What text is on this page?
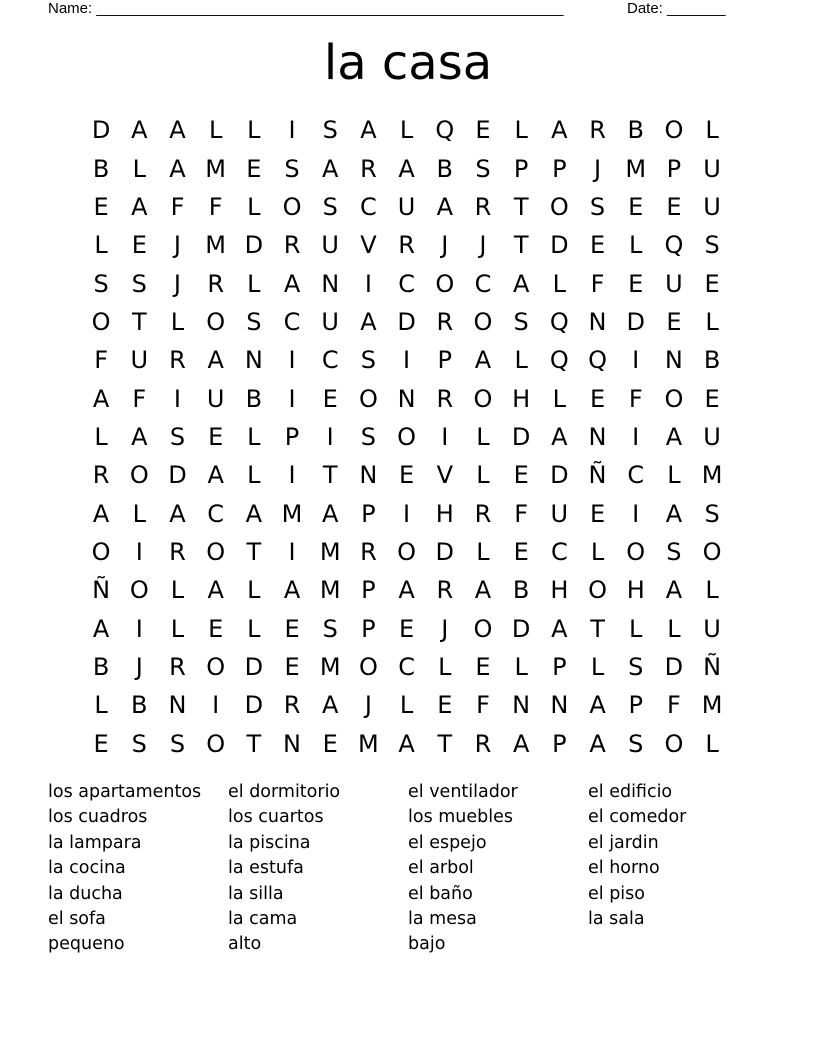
Name: ________________________________________________________	Date: _______
la casa
D A A L	L	I	S A L Q E L A R B O L
B L A M E S A R A B S P P	J	M P U
E A F	F	L O S C U A R T O S E E U
L E	J	M D R U V R	J	J	T D E L Q S
S S	J	R L A N	I	C O C A L	F E U E
O T	L O S C U A D R O S Q N D E L
F U R A N	I	C S	I	P A L Q Q	I	N B
A F	I	U B	I	E O N R O H L E F O E
L A S E L	P	I	S O	I	L D A N	I	A U
R O D A L	I	T N E V L E D Ñ C L M
A L A C A M A P	I	H R F U E	I	A S
O	I	R O T	I	M R O D L E C L O S O
Ñ O L A L A M P A R A B H O H A L
A	I	L E L E S P E	J	O D A T	L	L U
B	J	R O D E M O C L E L	P	L S D Ñ
L B N	I	D R A	J	L E F N N A P	F M
E S S O T N E M A T R A P A S O L
los apartamentos	el dormitorio	el ventilador	el edificio
los cuadros	los cuartos	los muebles	el comedor
la lampara	la piscina	el espejo	el jardin
la cocina	la estufa	el arbol	el horno
la ducha	la silla	el baño	el piso
el sofa	la cama	la mesa	la sala
pequeno	alto	bajo
